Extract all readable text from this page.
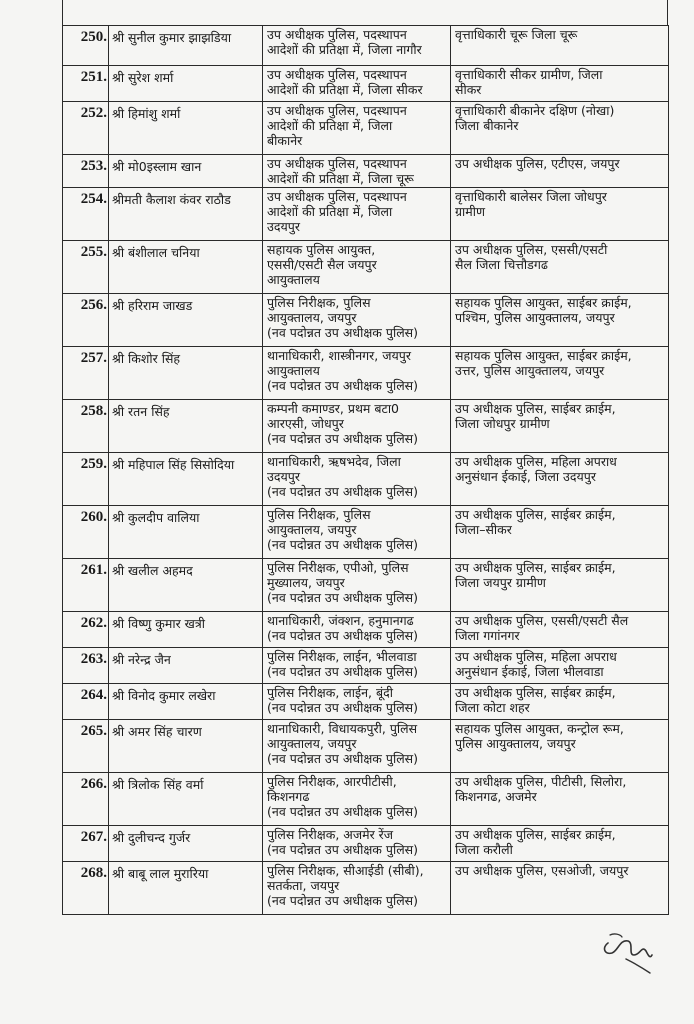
250.	श्री सुनील कुमार झाझडिया	उप अधीक्षक पुलिस, पदस्थापन
आदेशों की प्रतिक्षा में, जिला नागौर	वृत्ताधिकारी चूरू जिला चूरू

251.	श्री सुरेश शर्मा	उप अधीक्षक पुलिस, पदस्थापन
आदेशों की प्रतिक्षा में, जिला सीकर	वृत्ताधिकारी सीकर ग्रामीण, जिला
सीकर

252.	श्री हिमांशु शर्मा	उप अधीक्षक पुलिस, पदस्थापन
आदेशों की प्रतिक्षा में, जिला
बीकानेर	वृत्ताधिकारी बीकानेर दक्षिण (नोखा)
जिला बीकानेर

253.	श्री मो0इस्लाम खान	उप अधीक्षक पुलिस, पदस्थापन
आदेशों की प्रतिक्षा में, जिला चूरू	उप अधीक्षक पुलिस, एटीएस, जयपुर

254.	श्रीमती कैलाश कंवर राठौड	उप अधीक्षक पुलिस, पदस्थापन
आदेशों की प्रतिक्षा में, जिला
उदयपुर	वृत्ताधिकारी बालेसर जिला जोधपुर
ग्रामीण

255.	श्री बंशीलाल चनिया	सहायक पुलिस आयुक्त,
एससी/एसटी सैल जयपुर
आयुक्तालय	उप अधीक्षक पुलिस, एससी/एसटी
सैल जिला चित्तौडगढ

256.	श्री हरिराम जाखड	पुलिस निरीक्षक, पुलिस
आयुक्तालय, जयपुर
(नव पदोन्नत उप अधीक्षक पुलिस)	सहायक पुलिस आयुक्त, साईबर क्राईम,
पश्चिम, पुलिस आयुक्तालय, जयपुर

257.	श्री किशोर सिंह	थानाधिकारी, शास्त्रीनगर, जयपुर
आयुक्तालय
(नव पदोन्नत उप अधीक्षक पुलिस)	सहायक पुलिस आयुक्त, साईबर क्राईम,
उत्तर, पुलिस आयुक्तालय, जयपुर

258.	श्री रतन सिंह	कम्पनी कमाण्डर, प्रथम बटा0
आरएसी, जोधपुर
(नव पदोन्नत उप अधीक्षक पुलिस)	उप अधीक्षक पुलिस, साईबर क्राईम,
जिला जोधपुर ग्रामीण

259.	श्री महिपाल सिंह सिसोदिया	थानाधिकारी, ऋषभदेव, जिला
उदयपुर
(नव पदोन्नत उप अधीक्षक पुलिस)	उप अधीक्षक पुलिस, महिला अपराध
अनुसंधान ईकाई, जिला उदयपुर

260.	श्री कुलदीप वालिया	पुलिस निरीक्षक, पुलिस
आयुक्तालय, जयपुर
(नव पदोन्नत उप अधीक्षक पुलिस)	उप अधीक्षक पुलिस, साईबर क्राईम,
जिला–सीकर

261.	श्री खलील अहमद	पुलिस निरीक्षक, एपीओ, पुलिस
मुख्यालय, जयपुर
(नव पदोन्नत उप अधीक्षक पुलिस)	उप अधीक्षक पुलिस, साईबर क्राईम,
जिला जयपुर ग्रामीण

262.	श्री विष्णु कुमार खत्री	थानाधिकारी, जंक्शन, हनुमानगढ
(नव पदोन्नत उप अधीक्षक पुलिस)	उप अधीक्षक पुलिस, एससी/एसटी सैल
जिला गगांनगर

263.	श्री नरेन्द्र जैन	पुलिस निरीक्षक, लाईन, भीलवाडा
(नव पदोन्नत उप अधीक्षक पुलिस)	उप अधीक्षक पुलिस, महिला अपराध
अनुसंधान ईकाई, जिला भीलवाडा

264.	श्री विनोद कुमार लखेरा	पुलिस निरीक्षक, लाईन, बूंदी
(नव पदोन्नत उप अधीक्षक पुलिस)	उप अधीक्षक पुलिस, साईबर क्राईम,
जिला कोटा शहर

265.	श्री अमर सिंह चारण	थानाधिकारी, विधायकपुरी, पुलिस
आयुक्तालय, जयपुर
(नव पदोन्नत उप अधीक्षक पुलिस)	सहायक पुलिस आयुक्त, कन्ट्रोल रूम,
पुलिस आयुक्तालय, जयपुर

266.	श्री त्रिलोक सिंह वर्मा	पुलिस निरीक्षक, आरपीटीसी,
किशनगढ
(नव पदोन्नत उप अधीक्षक पुलिस)	उप अधीक्षक पुलिस, पीटीसी, सिलोरा,
किशनगढ, अजमेर

267.	श्री दुलीचन्द गुर्जर	पुलिस निरीक्षक, अजमेर रेंज
(नव पदोन्नत उप अधीक्षक पुलिस)	उप अधीक्षक पुलिस, साईबर क्राईम,
जिला करौली

268.	श्री बाबू लाल मुरारिया	पुलिस निरीक्षक, सीआईडी (सीबी),
सतर्कता, जयपुर
(नव पदोन्नत उप अधीक्षक पुलिस)	उप अधीक्षक पुलिस, एसओजी, जयपुर
